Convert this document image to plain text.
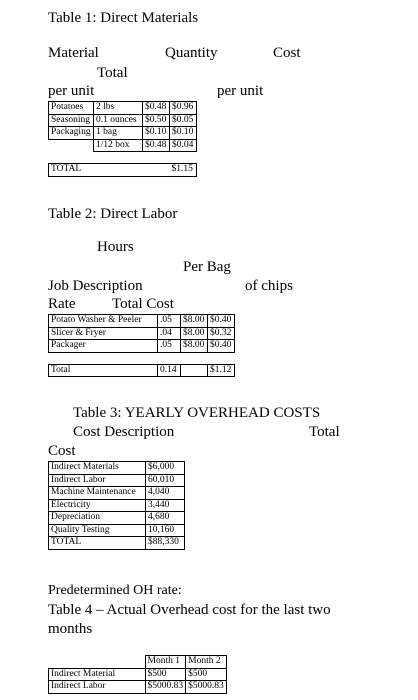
Table 1: Direct Materials
Material	Quantity	Cost
Total
per unit	per unit
Potatoes	2 lbs	$0.48	$0.96
Seasoning	0.1 ounces	$0.50	$0.05
Packaging	1 bag	$0.10	$0.10
	1/12 box	$0.48	$0.04

TOTAL			$1.15
Table 2: Direct Labor
Hours
Per Bag
Job Description	of chips
Rate Total Cost
Potato Washer & Peeler	.05	$8.00	$0.40
Slicer & Fryer	.04	$8.00	$0.32
Packager	.05	$8.00	$0.40

Total	0.14		$1.12
Table 3: YEARLY OVERHEAD COSTS
Cost Description	Total
Cost
Indirect Materials	$6,000
Indirect Labor	60,010
Machine Maintenance	4,040
Electricity	3,440
Depreciation	4,680
Quality Testing	10,160
TOTAL	$88,330
Predetermined OH rate:
Table 4 – Actual Overhead cost for the last two
months
	Month 1	Month 2
Indirect Material	$500	$500
Indirect Labor	$5000.83	$5000.83
